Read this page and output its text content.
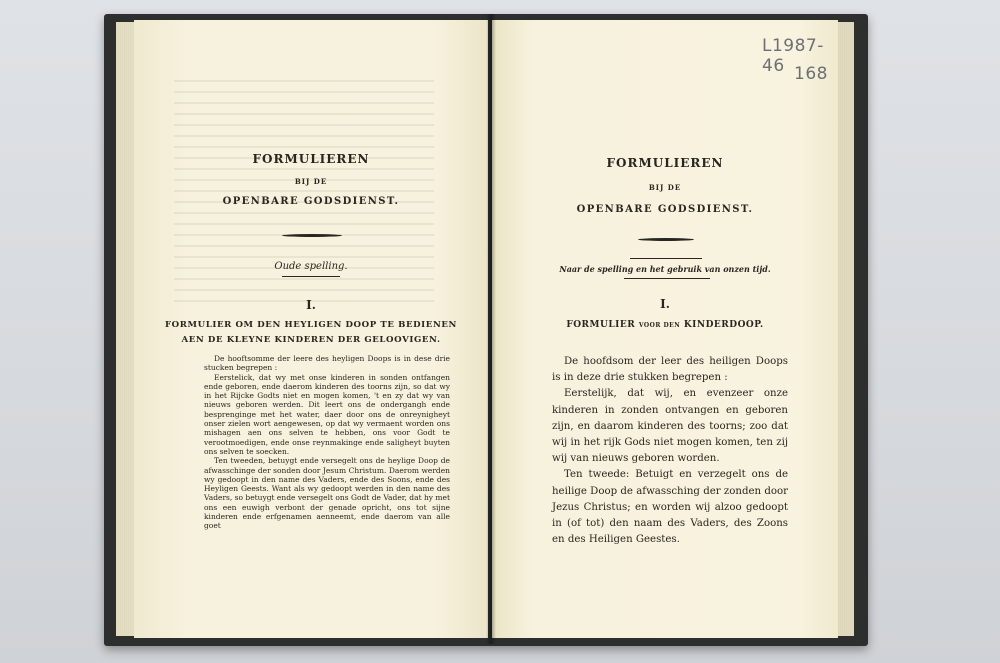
FORMULIEREN
BIJ DE
OPENBARE GODSDIENST.
Oude spelling.
I.
FORMULIER OM DEN HEYLIGEN DOOP TE BEDIENEN
AEN DE KLEYNE KINDEREN DER GELOOVIGEN.

De hooftsomme der leere des heyligen Doops is in dese drie stucken begrepen :

Eerstelick, dat wy met onse kinderen in sonden ontfangen ende geboren, ende daerom kinderen des toorns zijn, so dat wy in het Rijcke Godts niet en mogen komen, 't en zy dat wy van nieuws geboren werden. Dit leert ons de ondergangh ende besprenginge met het water, daer door ons de onreynigheyt onser zielen wort aengewesen, op dat wy vermaent worden ons mishagen aen ons selven te hebben, ons voor Godt te verootmoedigen, ende onse reynmakinge ende saligheyt buyten ons selven te soecken.

Ten tweeden, betuygt ende versegelt ons de heylige Doop de afwasschinge der sonden door Jesum Christum. Daerom werden wy gedoopt in den name des Vaders, ende des Soons, ende des Heyligen Geests. Want als wy gedoopt werden in den name des Vaders, so betuygt ende versegelt ons Godt de Vader, dat hy met ons een euwigh verbont der genade opricht, ons tot sijne kinderen ende erfgenamen aenneemt, ende daerom van alle goet

L1987-46 168
FORMULIEREN
BIJ DE
OPENBARE GODSDIENST.
Naar de spelling en het gebruik van onzen tijd.
I.
FORMULIER VOOR DEN KINDERDOOP.

De hoofdsom der leer des heiligen Doops is in deze drie stukken begrepen :

Eerstelijk, dat wij, en evenzeer onze kinderen in zonden ontvangen en geboren zijn, en daarom kinderen des toorns; zoo dat wij in het rijk Gods niet mogen komen, ten zij wij van nieuws geboren worden.

Ten tweede: Betuigt en verzegelt ons de heilige Doop de afwassching der zonden door Jezus Christus; en worden wij alzoo gedoopt in (of tot) den naam des Vaders, des Zoons en des Heiligen Geestes.
